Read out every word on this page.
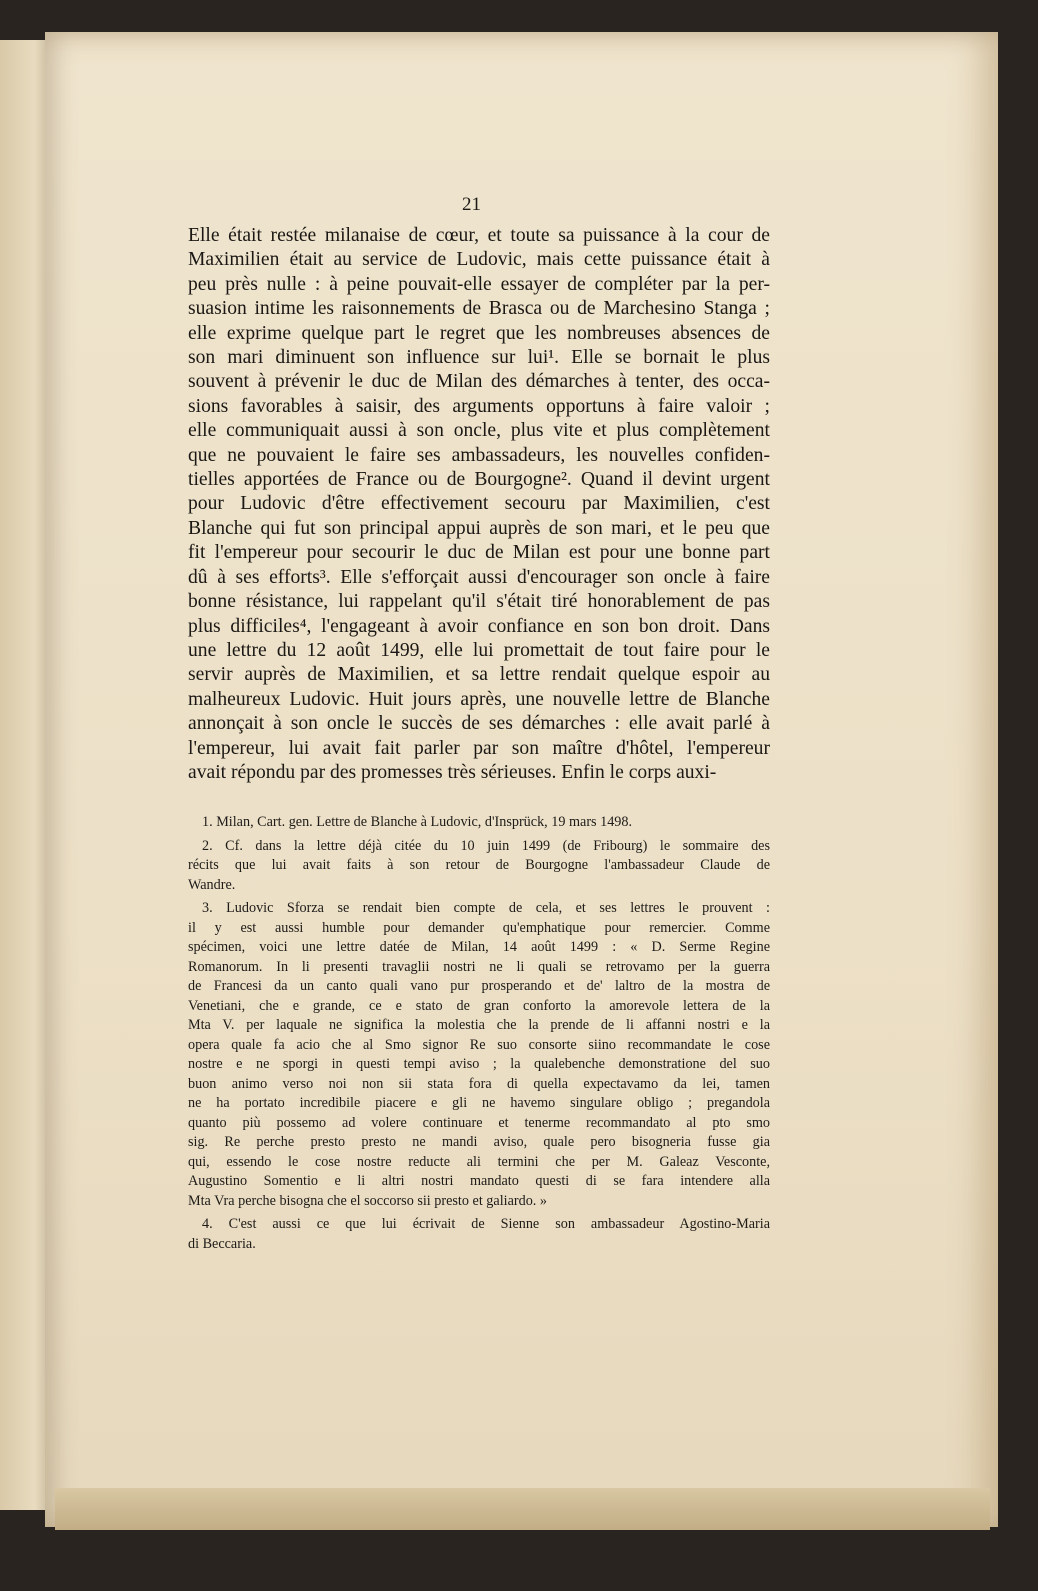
21
Elle était restée milanaise de cœur, et toute sa puissance à la cour de
Maximilien était au service de Ludovic, mais cette puissance était à
peu près nulle : à peine pouvait-elle essayer de compléter par la per-
suasion intime les raisonnements de Brasca ou de Marchesino Stanga ;
elle exprime quelque part le regret que les nombreuses absences de
son mari diminuent son influence sur lui¹. Elle se bornait le plus
souvent à prévenir le duc de Milan des démarches à tenter, des occa-
sions favorables à saisir, des arguments opportuns à faire valoir ;
elle communiquait aussi à son oncle, plus vite et plus complètement
que ne pouvaient le faire ses ambassadeurs, les nouvelles confiden-
tielles apportées de France ou de Bourgogne². Quand il devint urgent
pour Ludovic d'être effectivement secouru par Maximilien, c'est
Blanche qui fut son principal appui auprès de son mari, et le peu que
fit l'empereur pour secourir le duc de Milan est pour une bonne part
dû à ses efforts³. Elle s'efforçait aussi d'encourager son oncle à faire
bonne résistance, lui rappelant qu'il s'était tiré honorablement de pas
plus difficiles⁴, l'engageant à avoir confiance en son bon droit. Dans
une lettre du 12 août 1499, elle lui promettait de tout faire pour le
servir auprès de Maximilien, et sa lettre rendait quelque espoir au
malheureux Ludovic. Huit jours après, une nouvelle lettre de Blanche
annonçait à son oncle le succès de ses démarches : elle avait parlé à
l'empereur, lui avait fait parler par son maître d'hôtel, l'empereur
avait répondu par des promesses très sérieuses. Enfin le corps auxi-
1. Milan, Cart. gen. Lettre de Blanche à Ludovic, d'Insprück, 19 mars 1498.
2. Cf. dans la lettre déjà citée du 10 juin 1499 (de Fribourg) le sommaire des
récits que lui avait faits à son retour de Bourgogne l'ambassadeur Claude de
Wandre.
3. Ludovic Sforza se rendait bien compte de cela, et ses lettres le prouvent :
il y est aussi humble pour demander qu'emphatique pour remercier. Comme
spécimen, voici une lettre datée de Milan, 14 août 1499 : « D. Serme Regine
Romanorum. In li presenti travaglii nostri ne li quali se retrovamo per la guerra
de Francesi da un canto quali vano pur prosperando et de' laltro de la mostra de
Venetiani, che e grande, ce e stato de gran conforto la amorevole lettera de la
Mta V. per laquale ne significa la molestia che la prende de li affanni nostri e la
opera quale fa acio che al Smo signor Re suo consorte siino recommandate le cose
nostre e ne sporgi in questi tempi aviso ; la qualebenche demonstratione del suo
buon animo verso noi non sii stata fora di quella expectavamo da lei, tamen
ne ha portato incredibile piacere e gli ne havemo singulare obligo ; pregandola
quanto più possemo ad volere continuare et tenerme recommandato al pto smo
sig. Re perche presto presto ne mandi aviso, quale pero bisogneria fusse gia
qui, essendo le cose nostre reducte ali termini che per M. Galeaz Vesconte,
Augustino Somentio e li altri nostri mandato questi di se fara intendere alla
Mta Vra perche bisogna che el soccorso sii presto et galiardo. »
4. C'est aussi ce que lui écrivait de Sienne son ambassadeur Agostino-Maria
di Beccaria.
